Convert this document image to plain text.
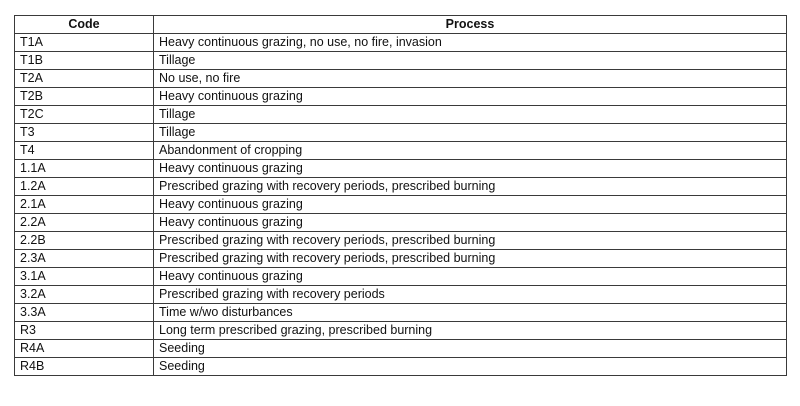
Code	Process
T1A	Heavy continuous grazing, no use, no fire, invasion
T1B	Tillage
T2A	No use, no fire
T2B	Heavy continuous grazing
T2C	Tillage
T3	Tillage
T4	Abandonment of cropping
1.1A	Heavy continuous grazing
1.2A	Prescribed grazing with recovery periods, prescribed burning
2.1A	Heavy continuous grazing
2.2A	Heavy continuous grazing
2.2B	Prescribed grazing with recovery periods, prescribed burning
2.3A	Prescribed grazing with recovery periods, prescribed burning
3.1A	Heavy continuous grazing
3.2A	Prescribed grazing with recovery periods
3.3A	Time w/wo disturbances
R3	Long term prescribed grazing, prescribed burning
R4A	Seeding
R4B	Seeding
